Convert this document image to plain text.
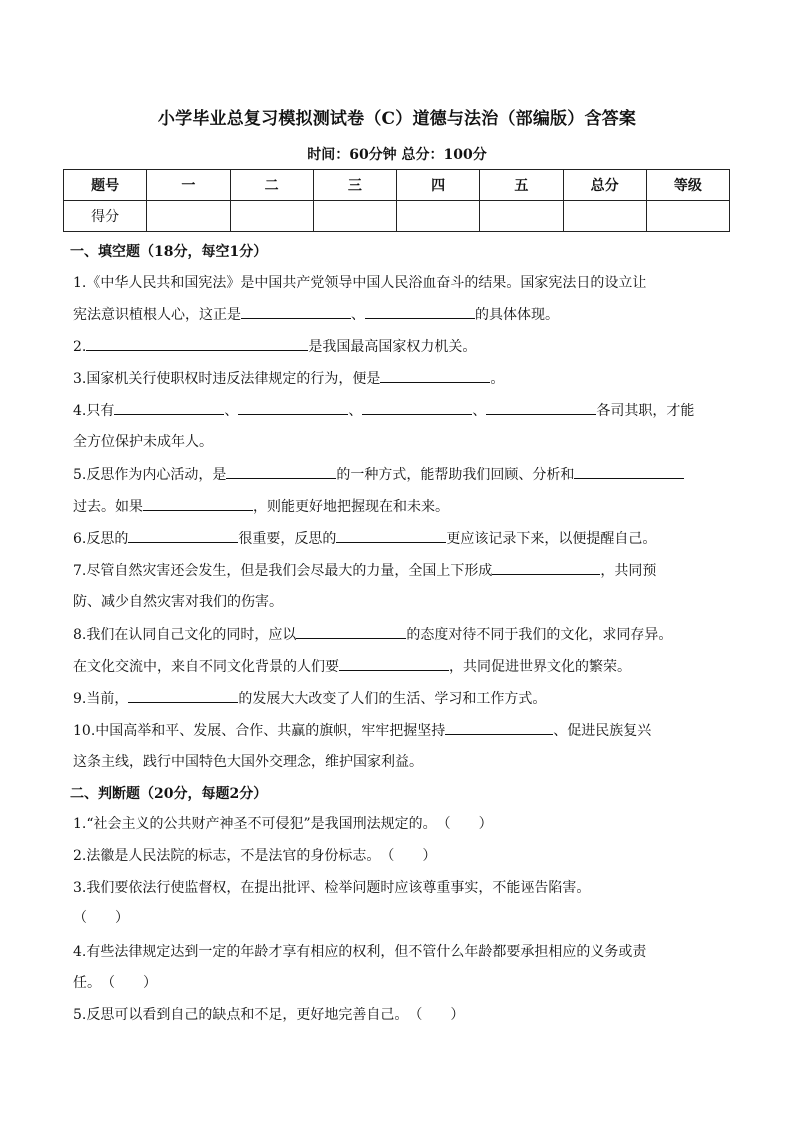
小学毕业总复习模拟测试卷（C）道德与法治（部编版）含答案
时间：60分钟 总分：100分
题号	一	二	三	四	五	总分	等级
得分							
一、填空题（18分，每空1分）
1.《中华人民共和国宪法》是中国共产党领导中国人民浴血奋斗的结果。国家宪法日的设立让
宪法意识植根人心，这正是	、	的具体体现。
2.	是我国最高国家权力机关。
3.国家机关行使职权时违反法律规定的行为，便是	。
4.只有	、	、	、	各司其职，才能
全方位保护未成年人。
5.反思作为内心活动，是	的一种方式，能帮助我们回顾、分析和
过去。如果	，则能更好地把握现在和未来。
6.反思的	很重要，反思的	更应该记录下来，以便提醒自己。
7.尽管自然灾害还会发生，但是我们会尽最大的力量，全国上下形成	，共同预
防、减少自然灾害对我们的伤害。
8.我们在认同自己文化的同时，应以	的态度对待不同于我们的文化，求同存异。
在文化交流中，来自不同文化背景的人们要	，共同促进世界文化的繁荣。
9.当前，	的发展大大改变了人们的生活、学习和工作方式。
10.中国高举和平、发展、合作、共赢的旗帜，牢牢把握坚持	、促进民族复兴
这条主线，践行中国特色大国外交理念，维护国家利益。
二、判断题（20分，每题2分）
1.“社会主义的公共财产神圣不可侵犯”是我国刑法规定的。（　　）
2.法徽是人民法院的标志，不是法官的身份标志。（　　）
3.我们要依法行使监督权，在提出批评、检举问题时应该尊重事实，不能诬告陷害。
（　　）
4.有些法律规定达到一定的年龄才享有相应的权利，但不管什么年龄都要承担相应的义务或责
任。（　　）
5.反思可以看到自己的缺点和不足，更好地完善自己。（　　）
